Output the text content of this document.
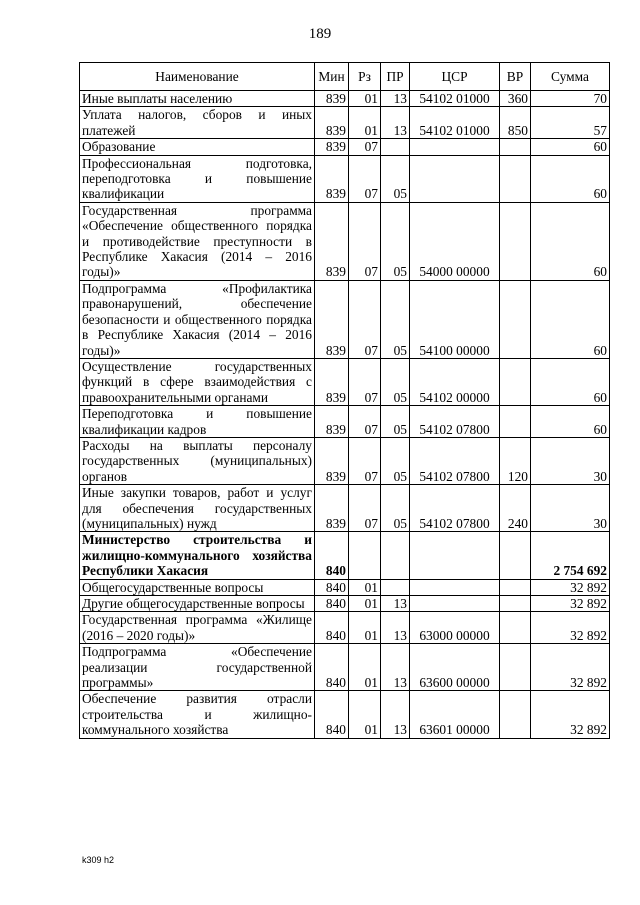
189
Наименование	Мин	Рз	ПР	ЦСР	ВР	Сумма
Иные выплаты населению	839	01	13	54102 01000	360	70
Уплата налогов, сборов и иных платежей	839	01	13	54102 01000	850	57
Образование	839	07				60
Профессиональная подготовка, переподготовка и повышение квалификации	839	07	05			60
Государственная программа «Обеспечение общественного порядка и противодействие преступности в Республике Хакасия (2014 – 2016 годы)»	839	07	05	54000 00000		60
Подпрограмма «Профилактика правонарушений, обеспечение безопасности и общественного порядка в Республике Хакасия (2014 – 2016 годы)»	839	07	05	54100 00000		60
Осуществление государственных функций в сфере взаимодействия с правоохранительными органами	839	07	05	54102 00000		60
Переподготовка и повышение квалификации кадров	839	07	05	54102 07800		60
Расходы на выплаты персоналу государственных (муниципальных) органов	839	07	05	54102 07800	120	30
Иные закупки товаров, работ и услуг для обеспечения государственных (муниципальных) нужд	839	07	05	54102 07800	240	30
Министерство строительства и жилищно-коммунального хозяйства Республики Хакасия	840					2 754 692
Общегосударственные вопросы	840	01				32 892
Другие общегосударственные вопросы	840	01	13			32 892
Государственная программа «Жилище (2016 – 2020 годы)»	840	01	13	63000 00000		32 892
Подпрограмма «Обеспечение реализации государственной программы»	840	01	13	63600 00000		32 892
Обеспечение развития отрасли строительства и жилищно-коммунального хозяйства	840	01	13	63601 00000		32 892
k309 h2
